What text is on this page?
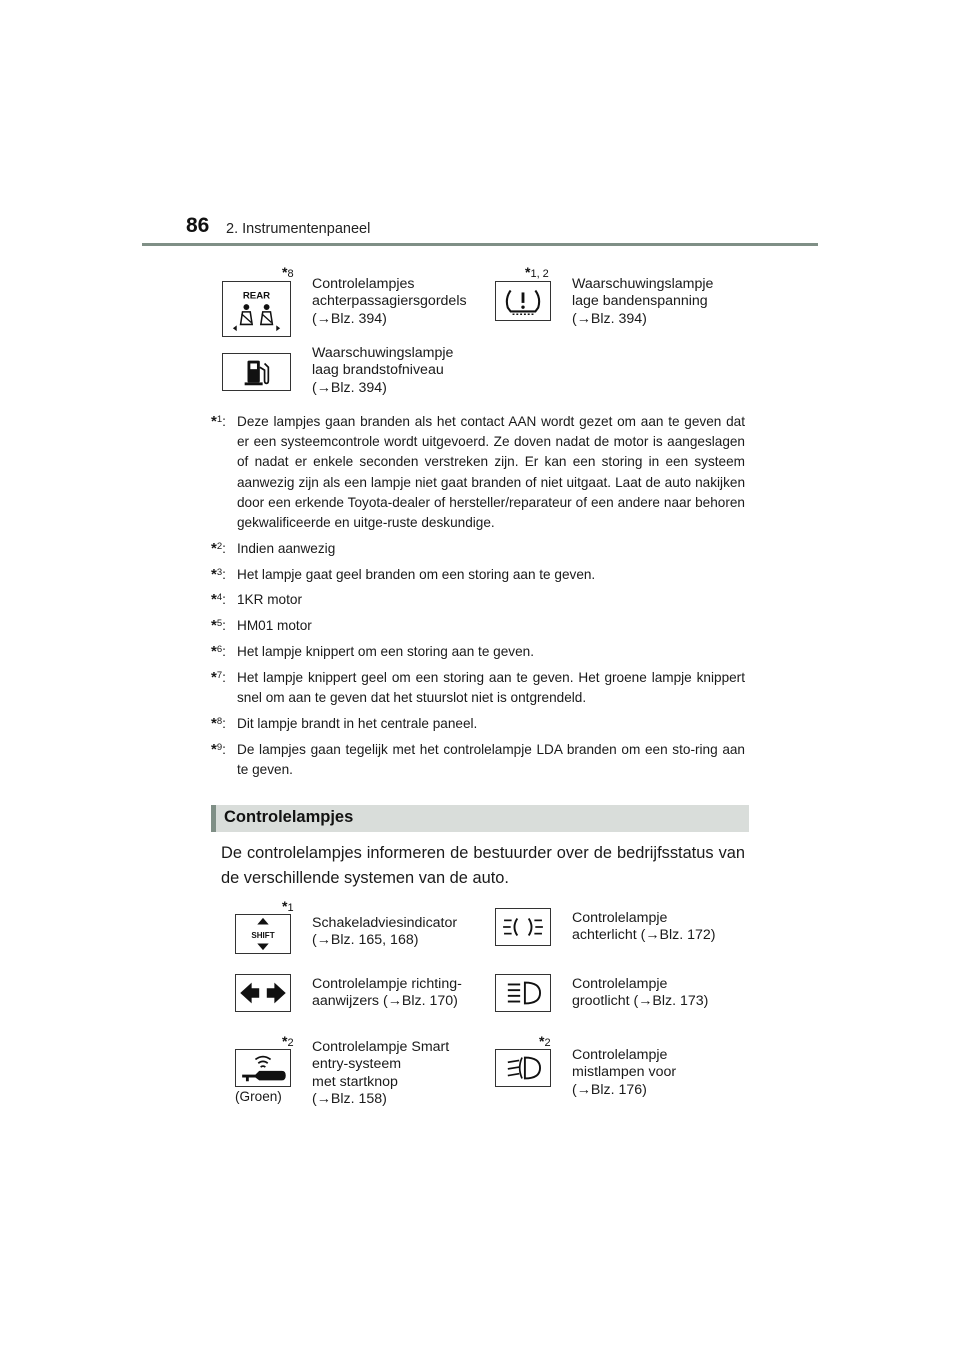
86 2. Instrumentenpaneel
REAR
*8
Controlelampjes
achterpassagiersgordels
(→Blz. 394)
*1, 2
Waarschuwingslampje
lage bandenspanning
(→Blz. 394)
Waarschuwingslampje
laag brandstofniveau
(→Blz. 394)
*$^1$: Deze lampjes gaan branden als het contact AAN wordt gezet om aan te geven dat er een systeemcontrole wordt uitgevoerd. Ze doven nadat de motor is aangeslagen of nadat er enkele seconden verstreken zijn. Er kan een storing in een systeem aanwezig zijn als een lampje niet gaat branden of niet uitgaat. Laat de auto nakijken door een erkende Toyota-dealer of hersteller/reparateur of een andere naar behoren gekwalificeerde en uitge-ruste deskundige.
*$^2$: Indien aanwezig
*$^3$: Het lampje gaat geel branden om een storing aan te geven.
*$^4$: 1KR motor
*$^5$: HM01 motor
*$^6$: Het lampje knippert om een storing aan te geven.
*$^7$: Het lampje knippert geel om een storing aan te geven. Het groene lampje knippert snel om aan te geven dat het stuurslot niet is ontgrendeld.
*$^8$: Dit lampje brandt in het centrale paneel.
*$^9$: De lampjes gaan tegelijk met het controlelampje LDA branden om een sto-ring aan te geven.
Controlelampjes
De controlelampjes informeren de bestuurder over de bedrijfsstatus van de verschillende systemen van de auto.
SHIFT
*1
Schakeladviesindicator
(→Blz. 165, 168)
Controlelampje
achterlicht (→Blz. 172)
Controlelampje richting-
aanwijzers (→Blz. 170)
Controlelampje
grootlicht (→Blz. 173)
(Groen)
*2 Controlelampje Smart
entry-systeem
met startknop
(→Blz. 158)
*2
Controlelampje
mistlampen voor
(→Blz. 176)
